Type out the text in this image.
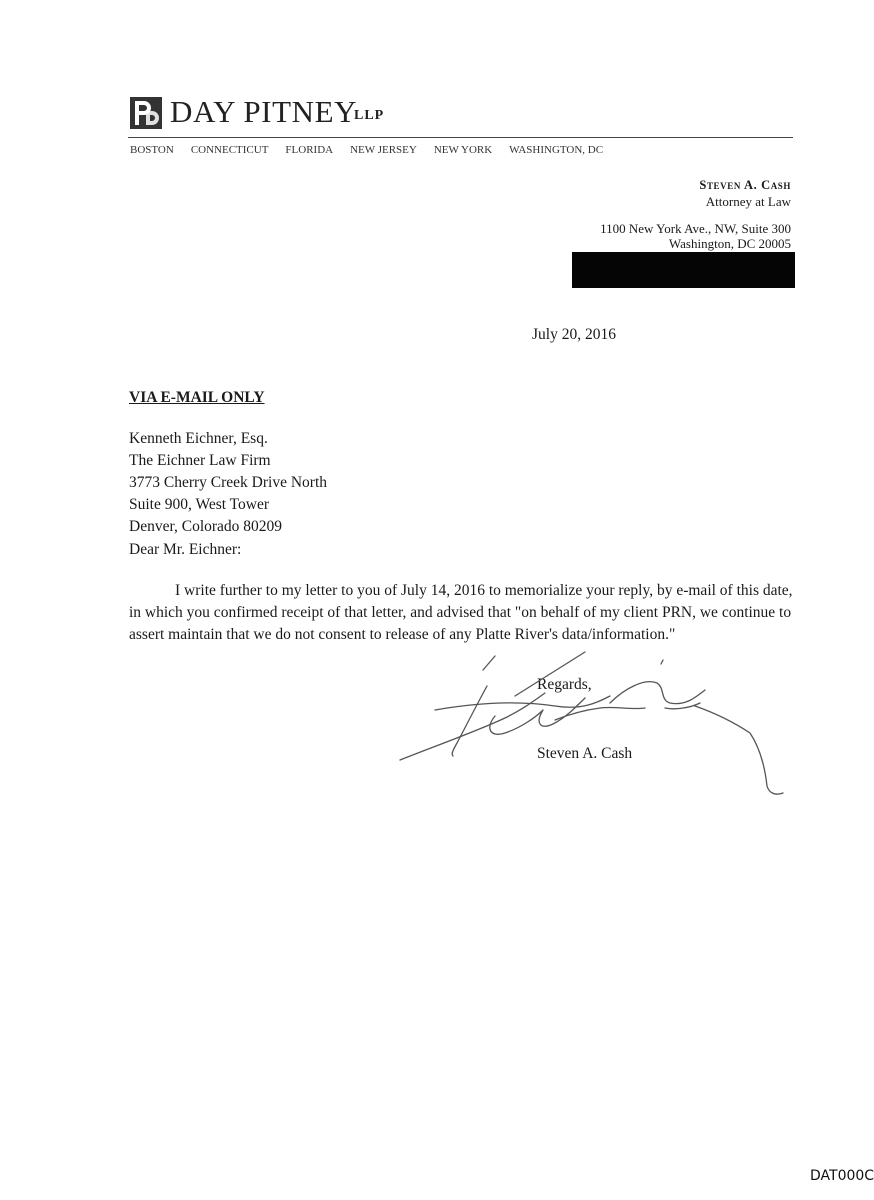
DAY PITNEY
LLP
BOSTON CONNECTICUT FLORIDA NEW JERSEY NEW YORK WASHINGTON, DC
Steven A. Cash
Attorney at Law
1100 New York Ave., NW, Suite 300
Washington, DC 20005
July 20, 2016
VIA E-MAIL ONLY
Kenneth Eichner, Esq.
The Eichner Law Firm
3773 Cherry Creek Drive North
Suite 900, West Tower
Denver, Colorado 80209
Dear Mr. Eichner:

I write further to my letter to you of July 14, 2016 to memorialize your reply, by e-mail of this date, in which you confirmed receipt of that letter, and advised that "on behalf of my client PRN, we continue to assert maintain that we do not consent to release of any Platte River's data/information."

Regards,
Steven A. Cash
DAT000C
